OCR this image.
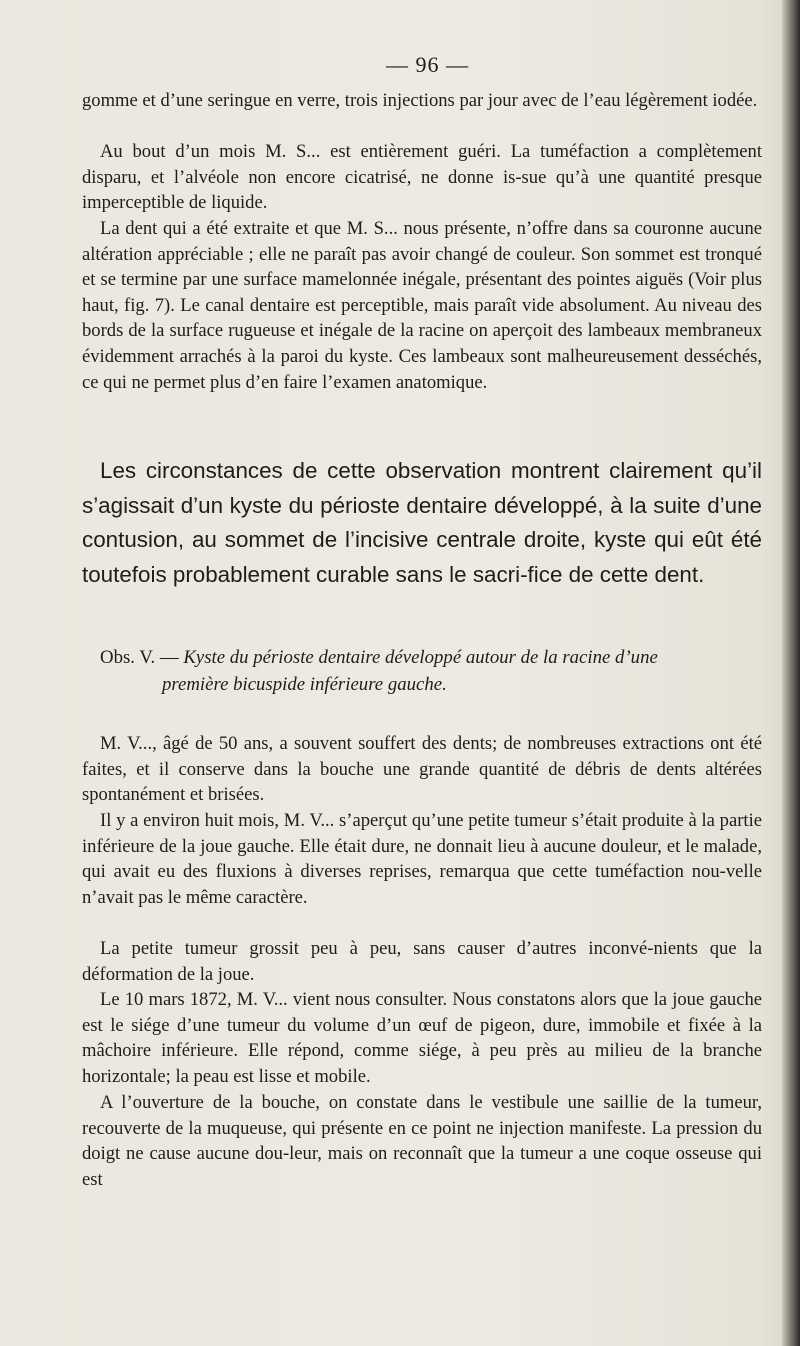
— 96 —

gomme et d’une seringue en verre, trois injections par jour avec de l’eau légèrement iodée.

Au bout d’un mois M. S... est entièrement guéri. La tuméfaction a complètement disparu, et l’alvéole non encore cicatrisé, ne donne is-sue qu’à une quantité presque imperceptible de liquide.

La dent qui a été extraite et que M. S... nous présente, n’offre dans sa couronne aucune altération appréciable ; elle ne paraît pas avoir changé de couleur. Son sommet est tronqué et se termine par une surface mamelonnée inégale, présentant des pointes aiguës (Voir plus haut, fig. 7). Le canal dentaire est perceptible, mais paraît vide absolument. Au niveau des bords de la surface rugueuse et inégale de la racine on aperçoit des lambeaux membraneux évidemment arrachés à la paroi du kyste. Ces lambeaux sont malheureusement desséchés, ce qui ne permet plus d’en faire l’examen anatomique.

Les circonstances de cette observation montrent clairement qu’il s’agissait d’un kyste du périoste dentaire développé, à la suite d’une contusion, au sommet de l’incisive centrale droite, kyste qui eût été toutefois probablement curable sans le sacri-fice de cette dent.

Obs. V. — Kyste du périoste dentaire développé autour de la racine d’une
première bicuspide inférieure gauche.

M. V..., âgé de 50 ans, a souvent souffert des dents; de nombreuses extractions ont été faites, et il conserve dans la bouche une grande quantité de débris de dents altérées spontanément et brisées.

Il y a environ huit mois, M. V... s’aperçut qu’une petite tumeur s’était produite à la partie inférieure de la joue gauche. Elle était dure, ne donnait lieu à aucune douleur, et le malade, qui avait eu des fluxions à diverses reprises, remarqua que cette tuméfaction nou-velle n’avait pas le même caractère.

La petite tumeur grossit peu à peu, sans causer d’autres inconvé-nients que la déformation de la joue.

Le 10 mars 1872, M. V... vient nous consulter. Nous constatons alors que la joue gauche est le siége d’une tumeur du volume d’un œuf de pigeon, dure, immobile et fixée à la mâchoire inférieure. Elle répond, comme siége, à peu près au milieu de la branche horizontale; la peau est lisse et mobile.

A l’ouverture de la bouche, on constate dans le vestibule une saillie de la tumeur, recouverte de la muqueuse, qui présente en ce point ne injection manifeste. La pression du doigt ne cause aucune dou-leur, mais on reconnaît que la tumeur a une coque osseuse qui est
